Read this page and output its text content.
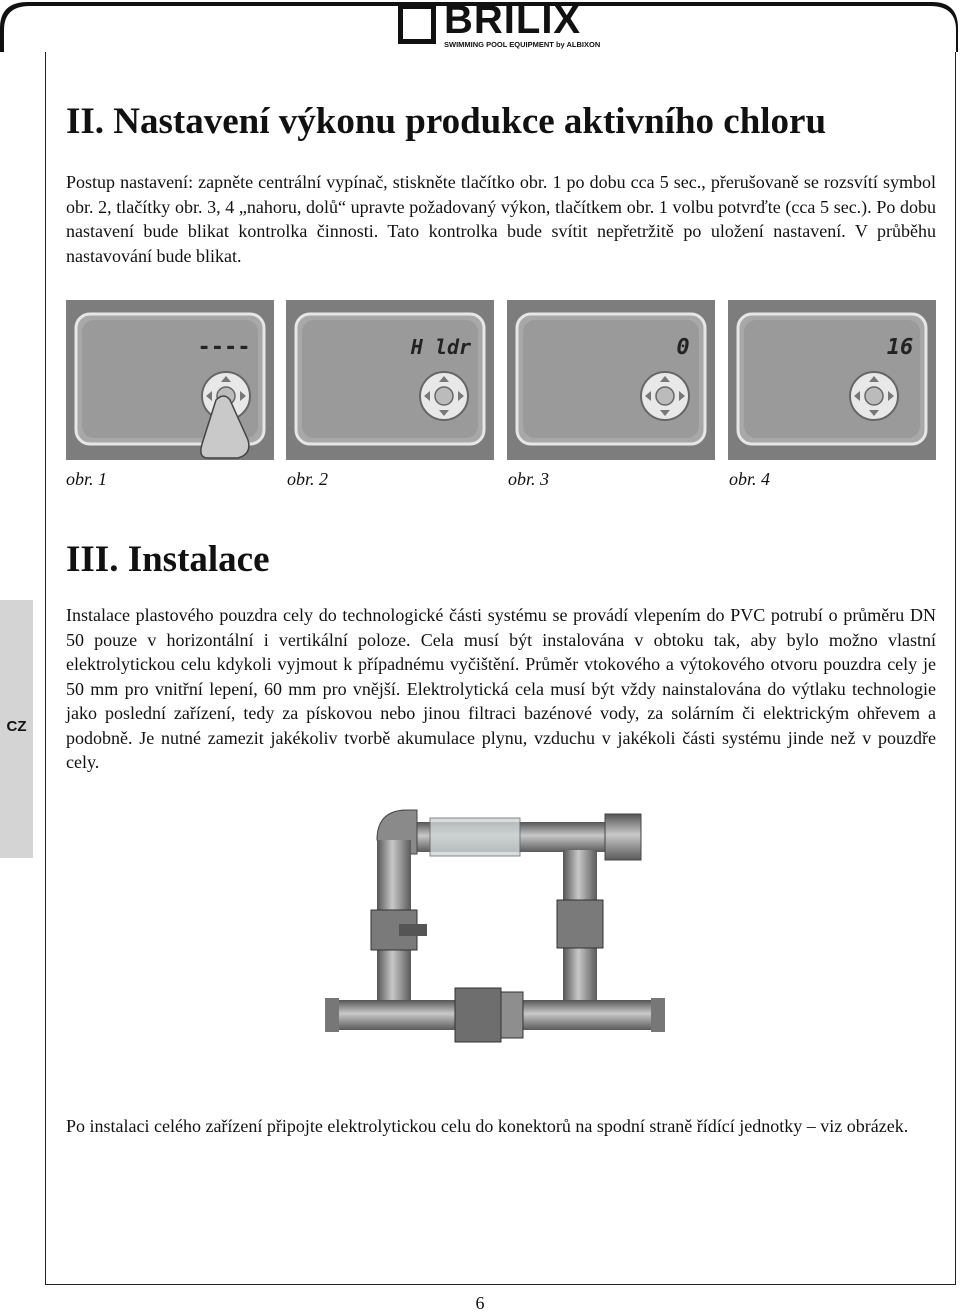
BRILIX
SWIMMING POOL EQUIPMENT by ALBIXON
CZ
II. Nastavení výkonu produkce aktivního chloru

Postup nastavení: zapněte centrální vypínač, stiskněte tlačítko obr. 1 po dobu cca 5 sec., přerušovaně se rozsvítí symbol obr. 2, tlačítky obr. 3, 4 „nahoru, dolů“ upravte požadovaný výkon, tlačítkem obr. 1 volbu potvrďte (cca 5 sec.). Po dobu nastavení bude blikat kontrolka činnosti. Tato kontrolka bude svítit nepřetržitě po uložení nastavení. V průběhu nastavování bude blikat.

----	H ldr	0	16
obr. 1	obr. 2	obr. 3	obr. 4
III. Instalace

Instalace plastového pouzdra cely do technologické části systému se provádí vlepením do PVC potrubí o průměru DN 50 pouze v horizontální i vertikální poloze. Cela musí být instalována v obtoku tak, aby bylo možno vlastní elektrolytickou celu kdykoli vyjmout k případnému vyčištění. Průměr vtokového a výtokového otvoru pouzdra cely je 50 mm pro vnitřní lepení, 60 mm pro vnější. Elektrolytická cela musí být vždy nainstalována do výtlaku technologie jako poslední zařízení, tedy za pískovou nebo jinou filtraci bazénové vody, za solárním či elektrickým ohřevem a podobně. Je nutné zamezit jakékoliv tvorbě akumulace plynu, vzduchu v jakékoli části systému jinde než v pouzdře cely.

Po instalaci celého zařízení připojte elektrolytickou celu do konektorů na spodní straně řídící jednotky – viz obrázek.

6
